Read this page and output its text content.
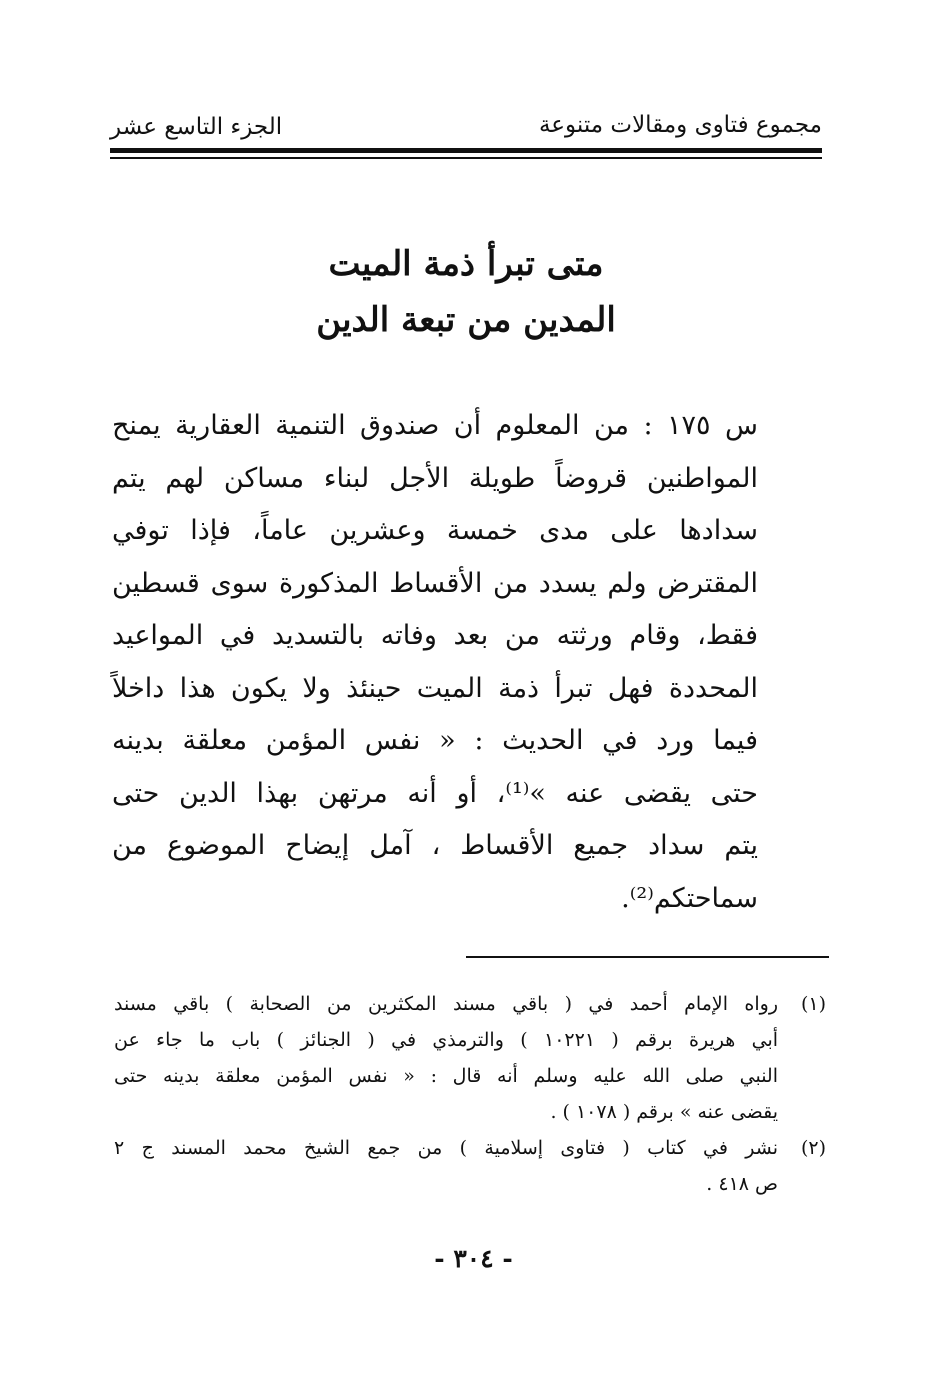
مجموع فتاوى ومقالات متنوعة
الجزء التاسع عشر
متى تبرأ ذمة الميت
المدين من تبعة الدين
س ١٧٥ : من المعلوم أن صندوق التنمية العقارية يمنح
المواطنين قروضاً طويلة الأجل لبناء مساكن لهم يتم
سدادها على مدى خمسة وعشرين عاماً، فإذا توفي
المقترض ولم يسدد من الأقساط المذكورة سوى قسطين
فقط، وقام ورثته من بعد وفاته بالتسديد في المواعيد
المحددة فهل تبرأ ذمة الميت حينئذ ولا يكون هذا داخلاً
فيما ورد في الحديث : « نفس المؤمن معلقة بدينه
حتى يقضى عنه »⁽¹⁾، أو أنه مرتهن بهذا الدين حتى
يتم سداد جميع الأقساط ، آمل إيضاح الموضوع من
سماحتكم⁽²⁾.
(١)
رواه الإمام أحمد في ( باقي مسند المكثرين من الصحابة ) باقي مسند
أبي هريرة برقم ( ١٠٢٢١ ) والترمذي في ( الجنائز ) باب ما جاء عن
النبي صلى الله عليه وسلم أنه قال : « نفس المؤمن معلقة بدينه حتى
يقضى عنه » برقم ( ١٠٧٨ ) .
(٢)
نشر في كتاب ( فتاوى إسلامية ) من جمع الشيخ محمد المسند ج ٢
ص ٤١٨ .
- ٣٠٤ -
